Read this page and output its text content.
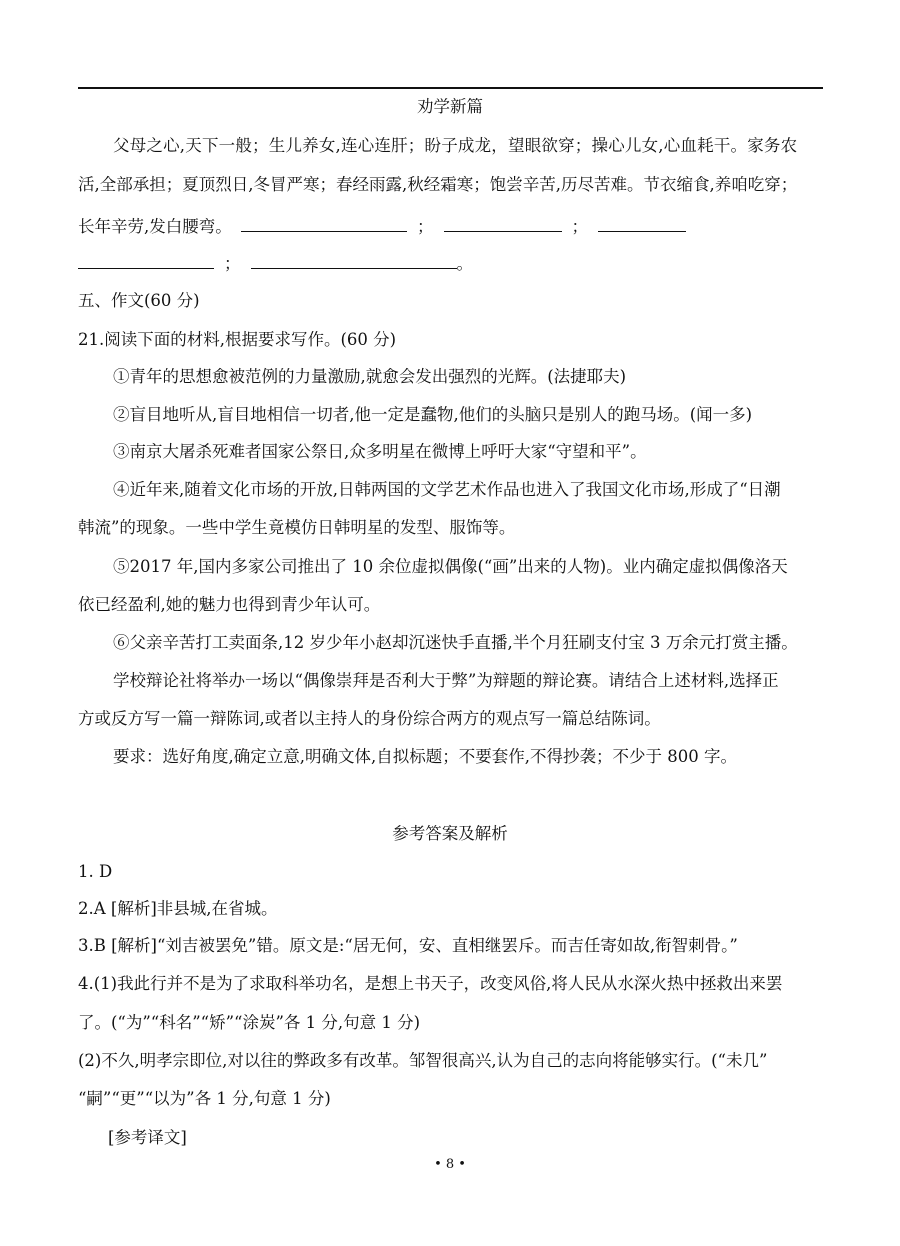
劝学新篇
父母之心,天下一般；生儿养女,连心连肝；盼子成龙，望眼欲穿；操心儿女,心血耗干。家务农
活,全部承担；夏顶烈日,冬冒严寒；春经雨露,秋经霜寒；饱尝辛苦,历尽苦难。节衣缩食,养咱吃穿；
长年辛劳,发白腰弯。	；	；
；	。
五、作文(60 分)
21.阅读下面的材料,根据要求写作。(60 分)
①青年的思想愈被范例的力量激励,就愈会发出强烈的光辉。(法捷耶夫)
②盲目地听从,盲目地相信一切者,他一定是蠢物,他们的头脑只是别人的跑马场。(闻一多)
③南京大屠杀死难者国家公祭日,众多明星在微博上呼吁大家“守望和平”。
④近年来,随着文化市场的开放,日韩两国的文学艺术作品也进入了我国文化市场,形成了“日潮
韩流”的现象。一些中学生竟模仿日韩明星的发型、服饰等。
⑤2017 年,国内多家公司推出了 10 余位虚拟偶像(“画”出来的人物)。业内确定虚拟偶像洛天
依已经盈利,她的魅力也得到青少年认可。
⑥父亲辛苦打工卖面条,12 岁少年小赵却沉迷快手直播,半个月狂刷支付宝 3 万余元打赏主播。
学校辩论社将举办一场以“偶像崇拜是否利大于弊”为辩题的辩论赛。请结合上述材料,选择正
方或反方写一篇一辩陈词,或者以主持人的身份综合两方的观点写一篇总结陈词。
要求：选好角度,确定立意,明确文体,自拟标题；不要套作,不得抄袭；不少于 800 字。
参考答案及解析
1. D
2.A [解析]非县城,在省城。
3.B [解析]“刘吉被罢免”错。原文是:“居无何，安、直相继罢斥。而吉任寄如故,衔智刺骨。”
4.(1)我此行并不是为了求取科举功名，是想上书天子，改变风俗,将人民从水深火热中拯救出来罢
了。(“为”“科名”“矫”“涂炭”各 1 分,句意 1 分)
(2)不久,明孝宗即位,对以往的弊政多有改革。邹智很高兴,认为自己的志向将能够实行。(“未几”
“嗣”“更”“以为”各 1 分,句意 1 分)
[参考译文]
• 8 •
